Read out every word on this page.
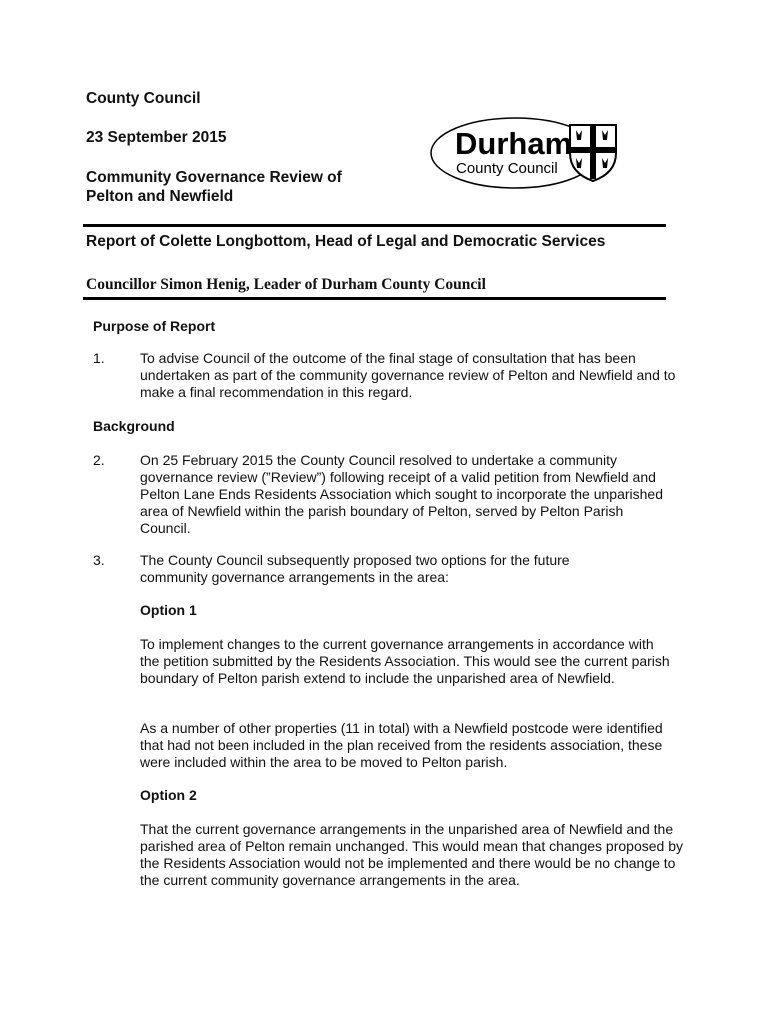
County Council
23 September 2015
Community Governance Review of
Pelton and Newfield
Durham
County Council
Report of Colette Longbottom, Head of Legal and Democratic Services
Councillor Simon Henig, Leader of Durham County Council
Purpose of Report
1.	To advise Council of the outcome of the final stage of consultation that has been undertaken as part of the community governance review of Pelton and Newfield and to make a final recommendation in this regard.
Background
2.	On 25 February 2015 the County Council resolved to undertake a community governance review (”Review”) following receipt of a valid petition from Newfield and Pelton Lane Ends Residents Association which sought to incorporate the unparished area of Newfield within the parish boundary of Pelton, served by Pelton Parish Council.
3.	The County Council subsequently proposed two options for the future community governance arrangements in the area:
Option 1
To implement changes to the current governance arrangements in accordance with the petition submitted by the Residents Association. This would see the current parish boundary of Pelton parish extend to include the unparished area of Newfield.
As a number of other properties (11 in total) with a Newfield postcode were identified that had not been included in the plan received from the residents association, these were included within the area to be moved to Pelton parish.
Option 2
That the current governance arrangements in the unparished area of Newfield and the parished area of Pelton remain unchanged. This would mean that changes proposed by the Residents Association would not be implemented and there would be no change to the current community governance arrangements in the area.
